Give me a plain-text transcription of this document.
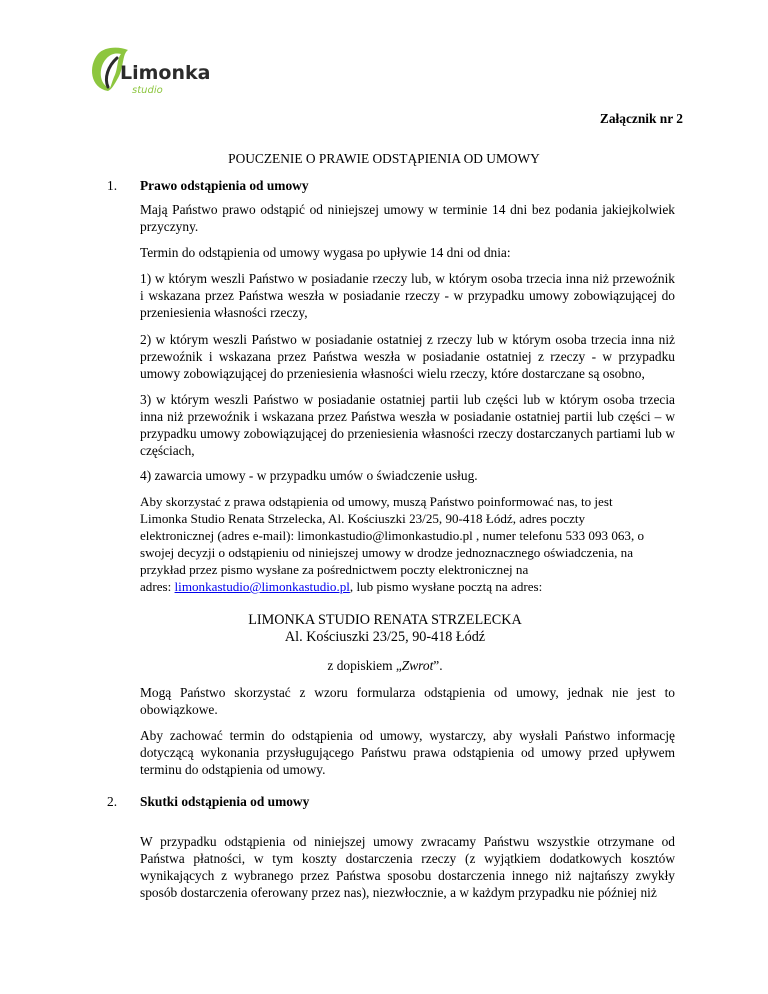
Limonka
studio
Załącznik nr 2
POUCZENIE O PRAWIE ODSTĄPIENIA OD UMOWY
1. Prawo odstąpienia od umowy

Mają Państwo prawo odstąpić od niniejszej umowy w terminie 14 dni bez podania jakiejkolwiek przyczyny.

Termin do odstąpienia od umowy wygasa po upływie 14 dni od dnia:

1) w którym weszli Państwo w posiadanie rzeczy lub, w którym osoba trzecia inna niż przewoźnik i wskazana przez Państwa weszła w posiadanie rzeczy - w przypadku umowy zobowiązującej do przeniesienia własności rzeczy,

2) w którym weszli Państwo w posiadanie ostatniej z rzeczy lub w którym osoba trzecia inna niż przewoźnik i wskazana przez Państwa weszła w posiadanie ostatniej z rzeczy - w przypadku umowy zobowiązującej do przeniesienia własności wielu rzeczy, które dostarczane są osobno,

3) w którym weszli Państwo w posiadanie ostatniej partii lub części lub w którym osoba trzecia inna niż przewoźnik i wskazana przez Państwa weszła w posiadanie ostatniej partii lub części – w przypadku umowy zobowiązującej do przeniesienia własności rzeczy dostarczanych partiami lub w częściach,

4) zawarcia umowy - w przypadku umów o świadczenie usług.

Aby skorzystać z prawa odstąpienia od umowy, muszą Państwo poinformować nas, to jest
Limonka Studio Renata Strzelecka, Al. Kościuszki 23/25, 90-418 Łódź, adres poczty
elektronicznej (adres e-mail): limonkastudio@limonkastudio.pl , numer telefonu 533 093 063, o
swojej decyzji o odstąpieniu od niniejszej umowy w drodze jednoznacznego oświadczenia, na
przykład przez pismo wysłane za pośrednictwem poczty elektronicznej na
adres: limonkastudio@limonkastudio.pl, lub pismo wysłane pocztą na adres:

LIMONKA STUDIO RENATA STRZELECKA
Al. Kościuszki 23/25, 90-418 Łódź
z dopiskiem „Zwrot”.

Mogą Państwo skorzystać z wzoru formularza odstąpienia od umowy, jednak nie jest to obowiązkowe.

Aby zachować termin do odstąpienia od umowy, wystarczy, aby wysłali Państwo informację dotyczącą wykonania przysługującego Państwu prawa odstąpienia od umowy przed upływem terminu do odstąpienia od umowy.

2. Skutki odstąpienia od umowy

W przypadku odstąpienia od niniejszej umowy zwracamy Państwu wszystkie otrzymane od Państwa płatności, w tym koszty dostarczenia rzeczy (z wyjątkiem dodatkowych kosztów wynikających z wybranego przez Państwa sposobu dostarczenia innego niż najtańszy zwykły sposób dostarczenia oferowany przez nas), niezwłocznie, a w każdym przypadku nie później niż
